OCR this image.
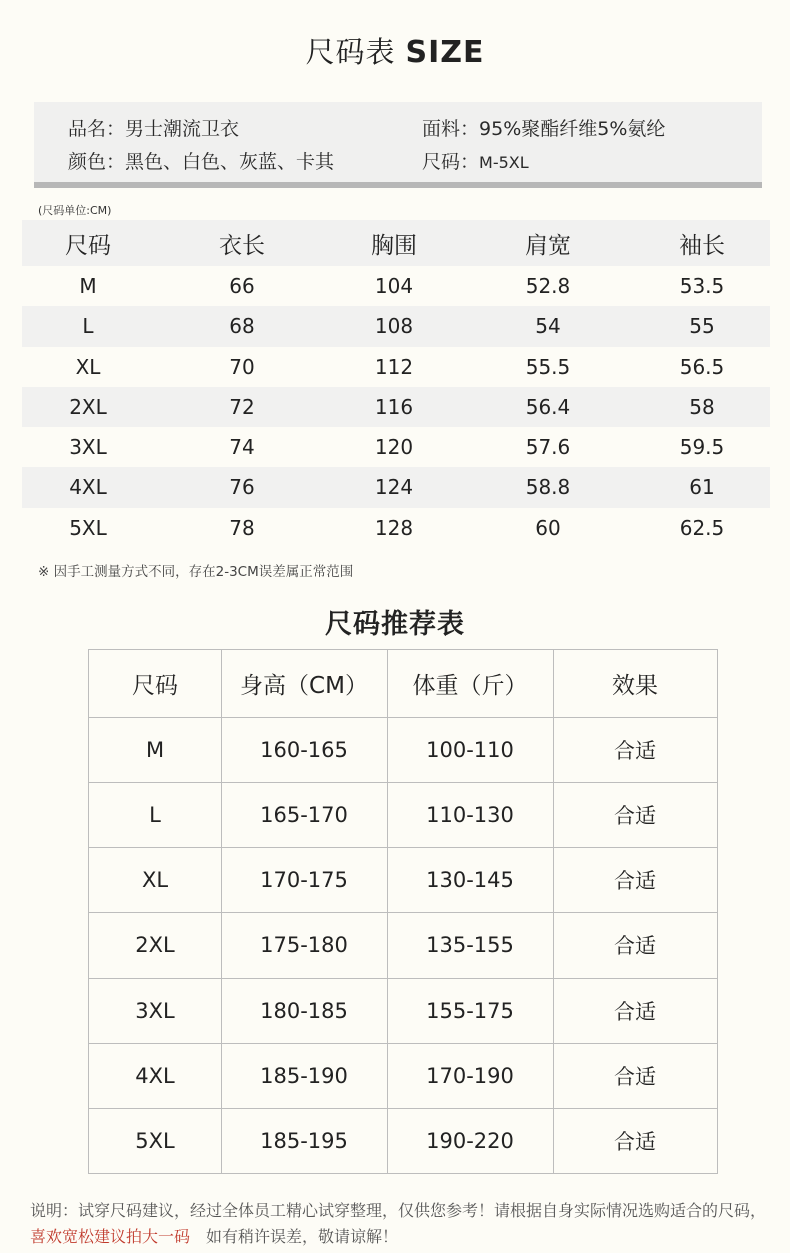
尺码表 SIZE
品名：男士潮流卫衣	面料：95%聚酯纤维5%氨纶
颜色：黑色、白色、灰蓝、卡其	尺码：M-5XL
(尺码单位:CM)
尺码	衣长	胸围	肩宽	袖长
M	66	104	52.8	53.5
L	68	108	54	55
XL	70	112	55.5	56.5
2XL	72	116	56.4	58
3XL	74	120	57.6	59.5
4XL	76	124	58.8	61
5XL	78	128	60	62.5
※ 因手工测量方式不同，存在2-3CM误差属正常范围
尺码推荐表
尺码	身高（CM）	体重（斤）	效果
M	160-165	100-110	合适
L	165-170	110-130	合适
XL	170-175	130-145	合适
2XL	175-180	135-155	合适
3XL	180-185	155-175	合适
4XL	185-190	170-190	合适
5XL	185-195	190-220	合适
说明：试穿尺码建议，经过全体员工精心试穿整理，仅供您参考！请根据自身实际情况选购适合的尺码，喜欢宽松建议拍大一码　如有稍许误差，敬请谅解！
